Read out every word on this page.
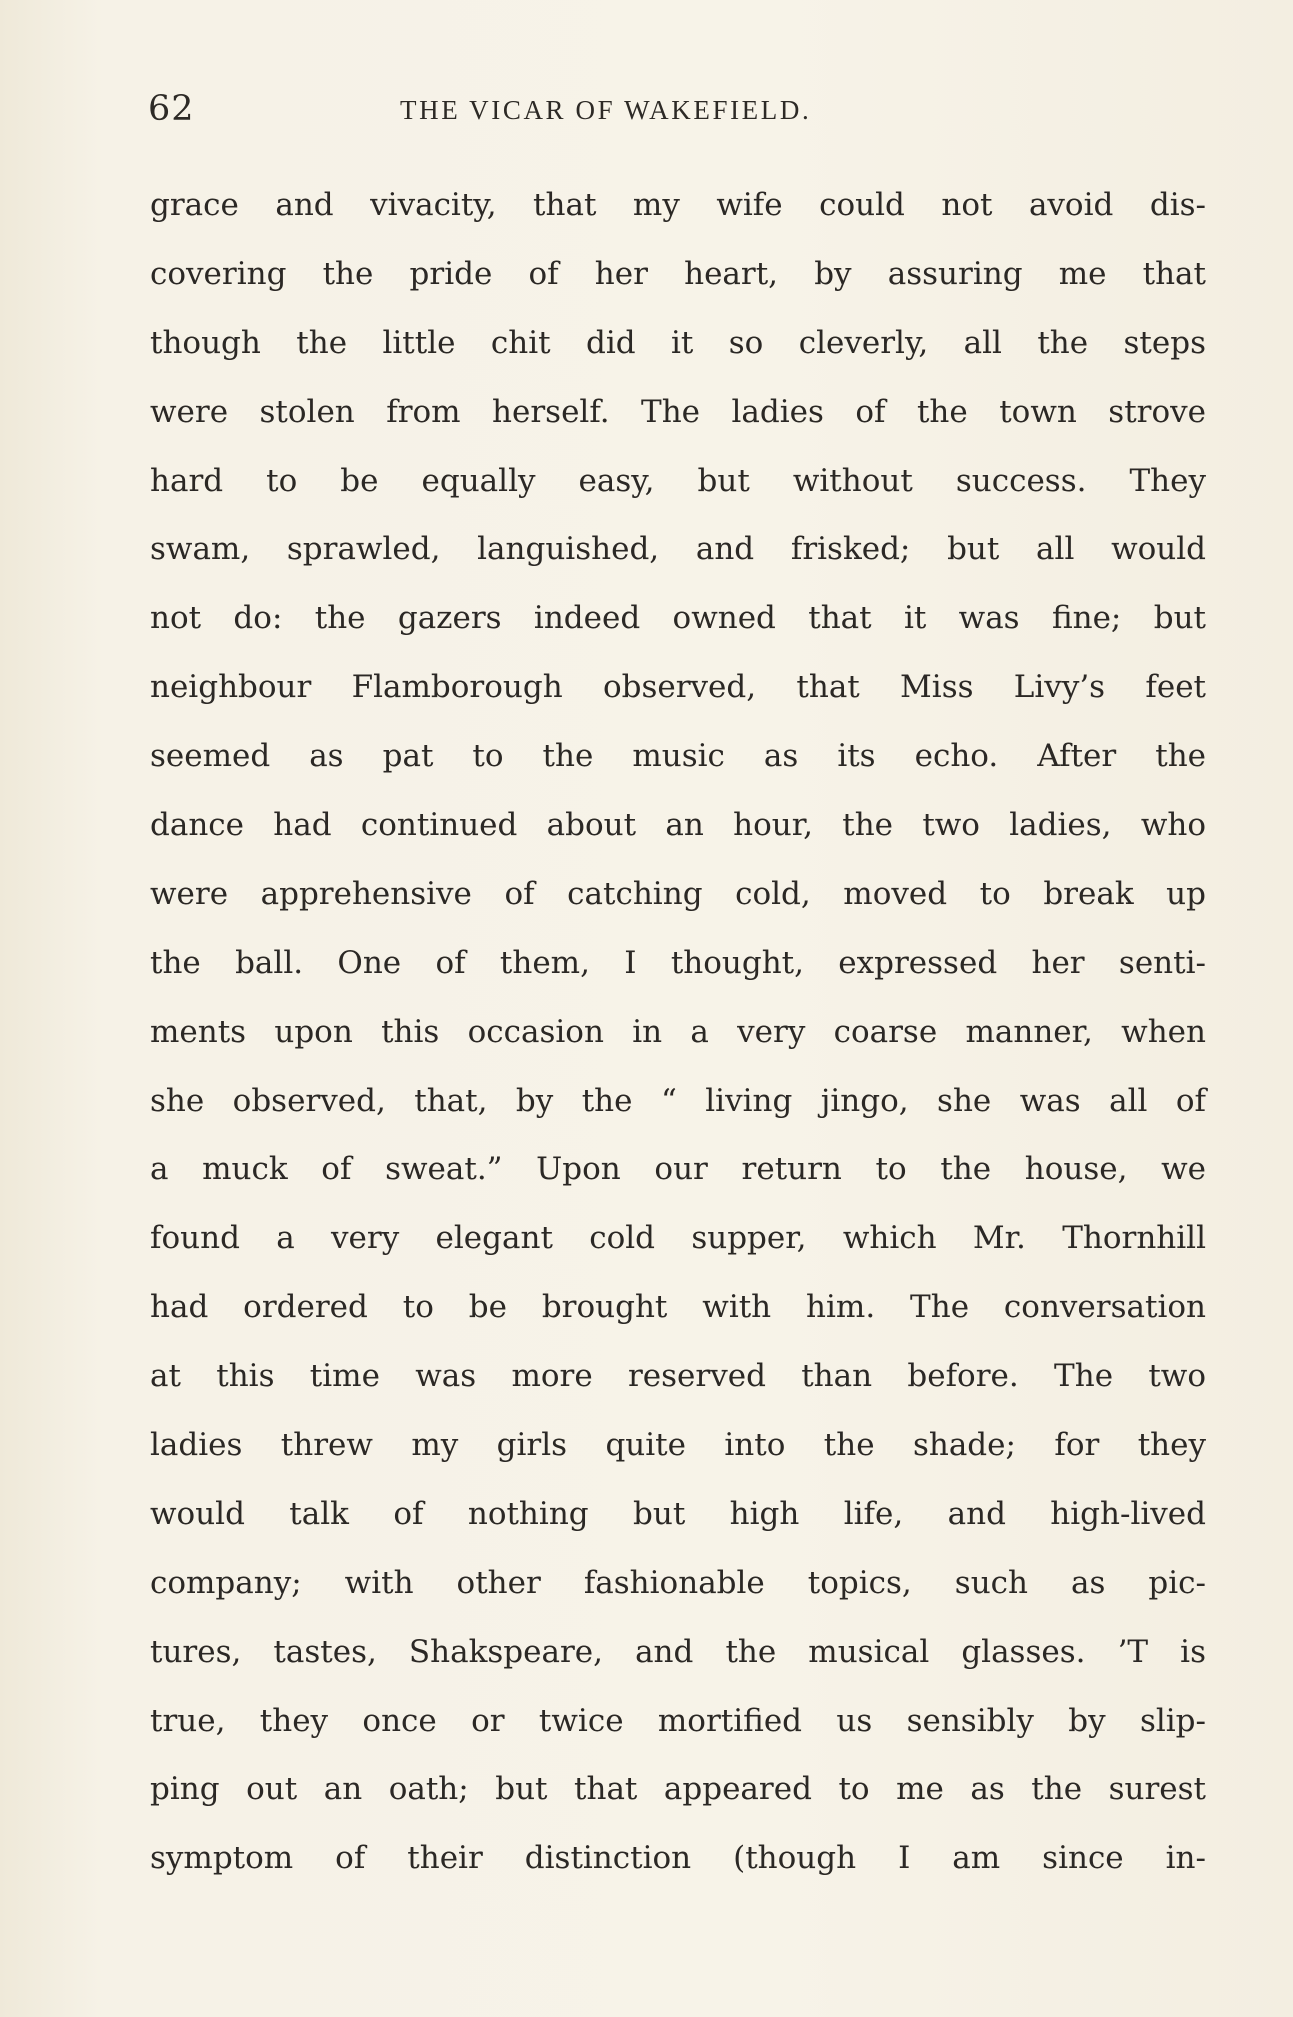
62	THE VICAR OF WAKEFIELD.
grace and vivacity, that my wife could not avoid dis-
covering the pride of her heart, by assuring me that
though the little chit did it so cleverly, all the steps
were stolen from herself. The ladies of the town strove
hard to be equally easy, but without success. They
swam, sprawled, languished, and frisked; but all would
not do: the gazers indeed owned that it was fine; but
neighbour Flamborough observed, that Miss Livy’s feet
seemed as pat to the music as its echo. After the
dance had continued about an hour, the two ladies, who
were apprehensive of catching cold, moved to break up
the ball. One of them, I thought, expressed her senti-
ments upon this occasion in a very coarse manner, when
she observed, that, by the “ living jingo, she was all of
a muck of sweat.” Upon our return to the house, we
found a very elegant cold supper, which Mr. Thornhill
had ordered to be brought with him. The conversation
at this time was more reserved than before. The two
ladies threw my girls quite into the shade; for they
would talk of nothing but high life, and high-lived
company; with other fashionable topics, such as pic-
tures, tastes, Shakspeare, and the musical glasses. ’T is
true, they once or twice mortified us sensibly by slip-
ping out an oath; but that appeared to me as the surest
symptom of their distinction (though I am since in-
